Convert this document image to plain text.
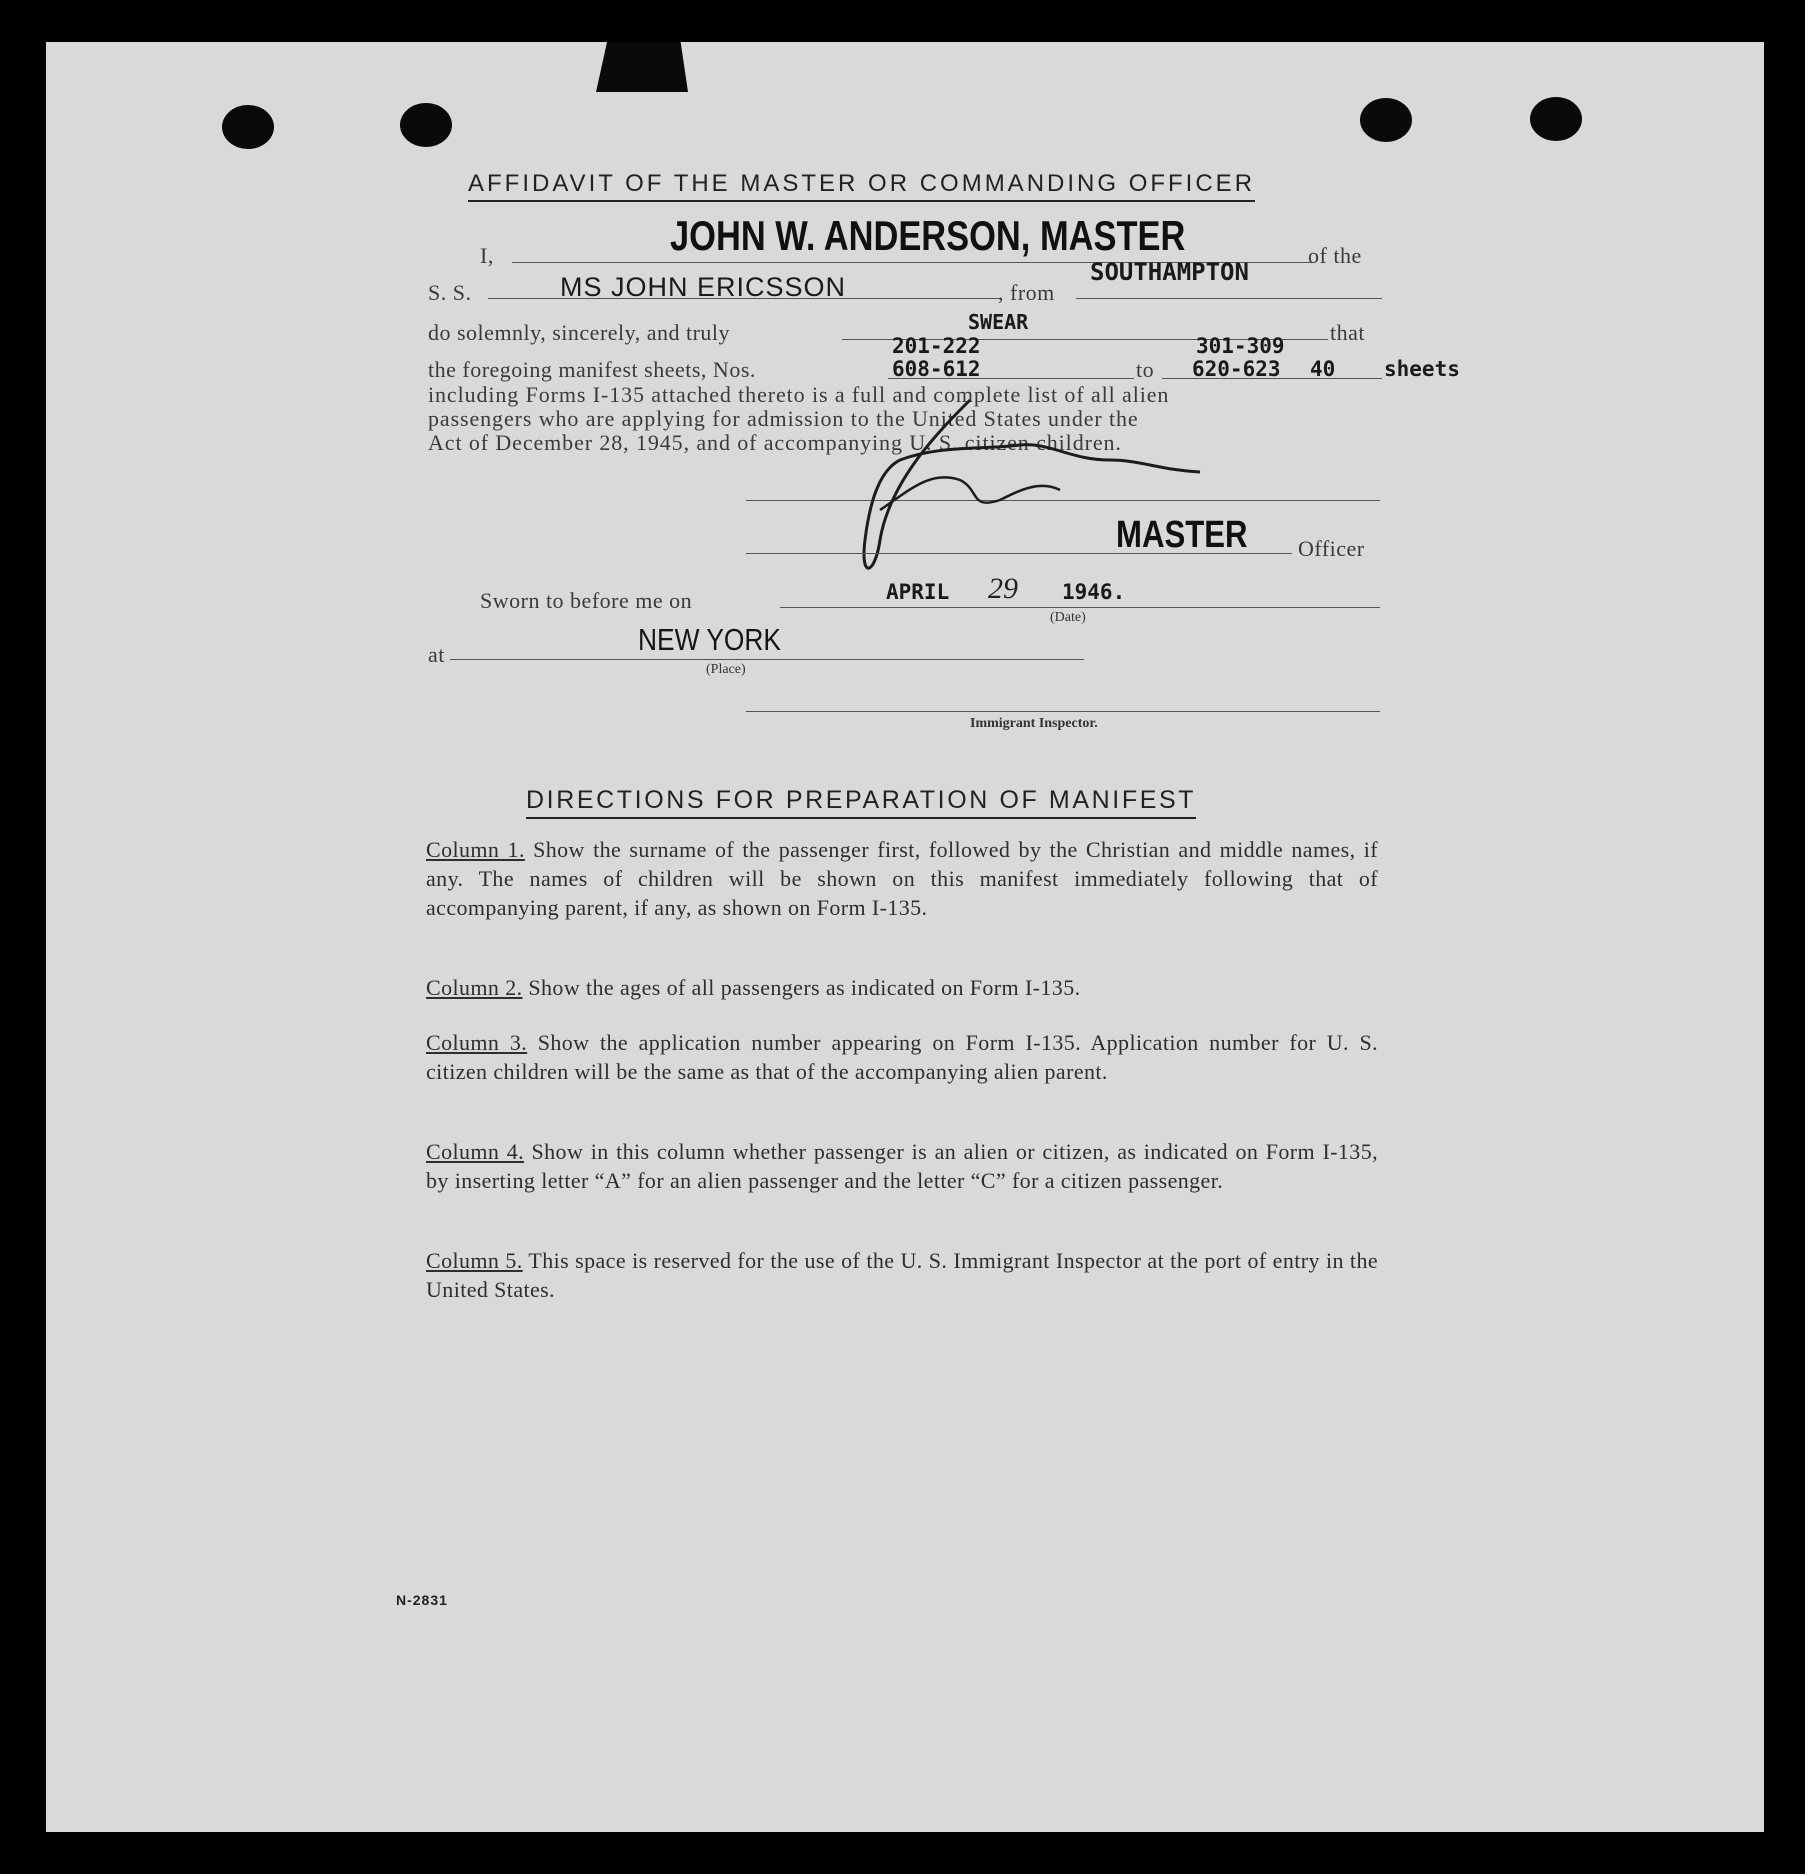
AFFIDAVIT OF THE MASTER OR COMMANDING OFFICER
I,	JOHN W. ANDERSON, MASTER	of the
S. S.	MS JOHN ERICSSON	, from
SOUTHAMPTON
do solemnly, sincerely, and truly	SWEAR	that
the foregoing manifest sheets, Nos.
201-222
608-612	to
301-309
620-623 40 sheets
including Forms I-135 attached thereto is a full and complete list of all alien
passengers who are applying for admission to the United States under the
Act of December 28, 1945, and of accompanying U. S. citizen children.
MASTER Officer
Sworn to before me on	APRIL 29 1946.
(Date)
at	NEW YORK
(Place)
Immigrant Inspector.
DIRECTIONS FOR PREPARATION OF MANIFEST

Column 1. Show the surname of the passenger first, followed by the Christian and middle names, if any. The names of children will be shown on this manifest immediately following that of accompanying parent, if any, as shown on Form I-135.

Column 2. Show the ages of all passengers as indicated on Form I-135.

Column 3. Show the application number appearing on Form I-135. Application number for U. S. citizen children will be the same as that of the accompanying alien parent.

Column 4. Show in this column whether passenger is an alien or citizen, as indicated on Form I-135, by inserting letter “A” for an alien passenger and the letter “C” for a citizen passenger.

Column 5. This space is reserved for the use of the U. S. Immigrant Inspector at the port of entry in the United States.

N-2831
